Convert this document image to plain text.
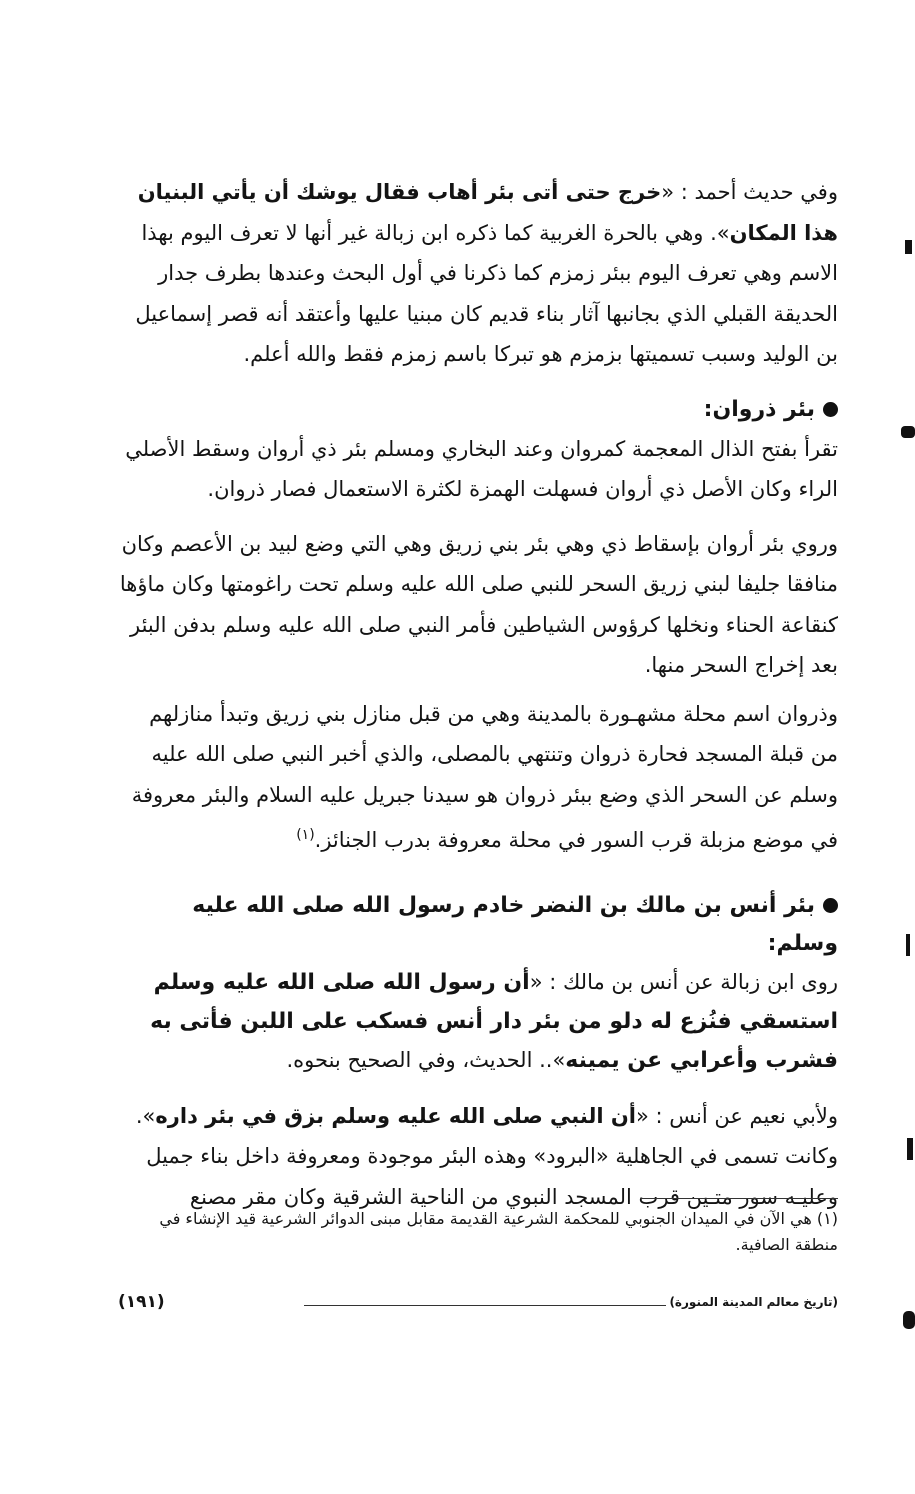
وفي حديث أحمد : «خرج حتى أتى بئر أهاب فقال يوشك أن يأتي البنيان هذا المكان». وهي بالحرة الغربية كما ذكره ابن زبالة غير أنها لا تعرف اليوم بهذا الاسم وهي تعرف اليوم ببئر زمزم كما ذكرنا في أول البحث وعندها بطرف جدار الحديقة القبلي الذي بجانبها آثار بناء قديم كان مبنيا عليها وأعتقد أنه قصر إسماعيل بن الوليد وسبب تسميتها بزمزم هو تبركا باسم زمزم فقط والله أعلم.

بئر ذروان:

تقرأ بفتح الذال المعجمة كمروان وعند البخاري ومسلم بئر ذي أروان وسقط الأصلي الراء وكان الأصل ذي أروان فسهلت الهمزة لكثرة الاستعمال فصار ذروان.

وروي بئر أروان بإسقاط ذي وهي بئر بني زريق وهي التي وضع لبيد بن الأعصم وكان منافقا جليفا لبني زريق السحر للنبي صلى الله عليه وسلم تحت راغومتها وكان ماؤها كنقاعة الحناء ونخلها كرؤوس الشياطين فأمر النبي صلى الله عليه وسلم بدفن البئر بعد إخراج السحر منها.

وذروان اسم محلة مشهـورة بالمدينة وهي من قبل منازل بني زريق وتبدأ منازلهم من قبلة المسجد فحارة ذروان وتنتهي بالمصلى، والذي أخبر النبي صلى الله عليه وسلم عن السحر الذي وضع ببئر ذروان هو سيدنا جبريل عليه السلام والبئر معروفة في موضع مزبلة قرب السور في محلة معروفة بدرب الجنائز.$^{(١)}$

بئر أنس بن مالك بن النضر خادم رسول الله صلى الله عليه وسلم:

روى ابن زبالة عن أنس بن مالك : «أن رسول الله صلى الله عليه وسلم استسقي فنُزع له دلو من بئر دار أنس فسكب على اللبن فأتى به فشرب وأعرابي عن يمينه».. الحديث، وفي الصحيح بنحوه.

ولأبي نعيم عن أنس : «أن النبي صلى الله عليه وسلم بزق في بئر داره». وكانت تسمى في الجاهلية «البرود» وهذه البئر موجودة ومعروفة داخل بناء جميل وعليـه سور متـين قرب المسجد النبوي من الناحية الشرقية وكان مقر مصنع

(١) هي الآن في الميدان الجنوبي للمحكمة الشرعية القديمة مقابل مبنى الدوائر الشرعية قيد الإنشاء في منطقة الصافية.

(١٩١)	(تاريخ معالم المدينة المنورة)
